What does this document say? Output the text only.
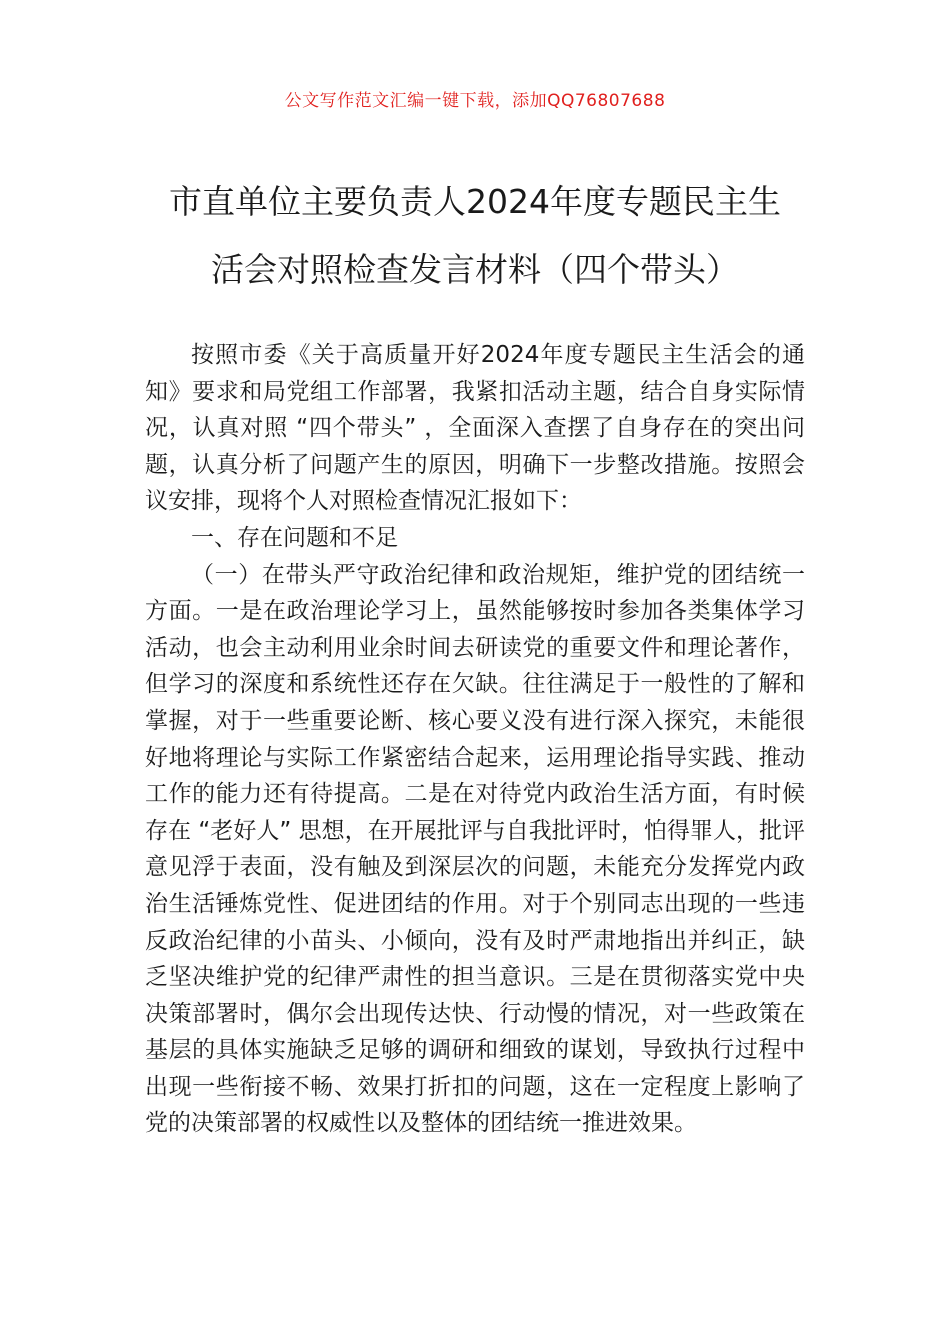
公文写作范文汇编一键下载，添加QQ76807688
市直单位主要负责人2024年度专题民主生
活会对照检查发言材料（四个带头）

按照市委《关于高质量开好2024年度专题民主生活会的通知》要求和局党组工作部署，我紧扣活动主题，结合自身实际情况，认真对照 “四个带头” ，全面深入查摆了自身存在的突出问题，认真分析了问题产生的原因，明确下一步整改措施。按照会议安排，现将个人对照检查情况汇报如下：

一、存在问题和不足

（一）在带头严守政治纪律和政治规矩，维护党的团结统一方面。一是在政治理论学习上，虽然能够按时参加各类集体学习活动，也会主动利用业余时间去研读党的重要文件和理论著作，但学习的深度和系统性还存在欠缺。往往满足于一般性的了解和掌握，对于一些重要论断、核心要义没有进行深入探究，未能很好地将理论与实际工作紧密结合起来，运用理论指导实践、推动工作的能力还有待提高。二是在对待党内政治生活方面，有时候存在 “老好人” 思想，在开展批评与自我批评时，怕得罪人，批评意见浮于表面，没有触及到深层次的问题，未能充分发挥党内政治生活锤炼党性、促进团结的作用。对于个别同志出现的一些违反政治纪律的小苗头、小倾向，没有及时严肃地指出并纠正，缺乏坚决维护党的纪律严肃性的担当意识。三是在贯彻落实党中央决策部署时，偶尔会出现传达快、行动慢的情况，对一些政策在基层的具体实施缺乏足够的调研和细致的谋划，导致执行过程中出现一些衔接不畅、效果打折扣的问题，这在一定程度上影响了党的决策部署的权威性以及整体的团结统一推进效果。
